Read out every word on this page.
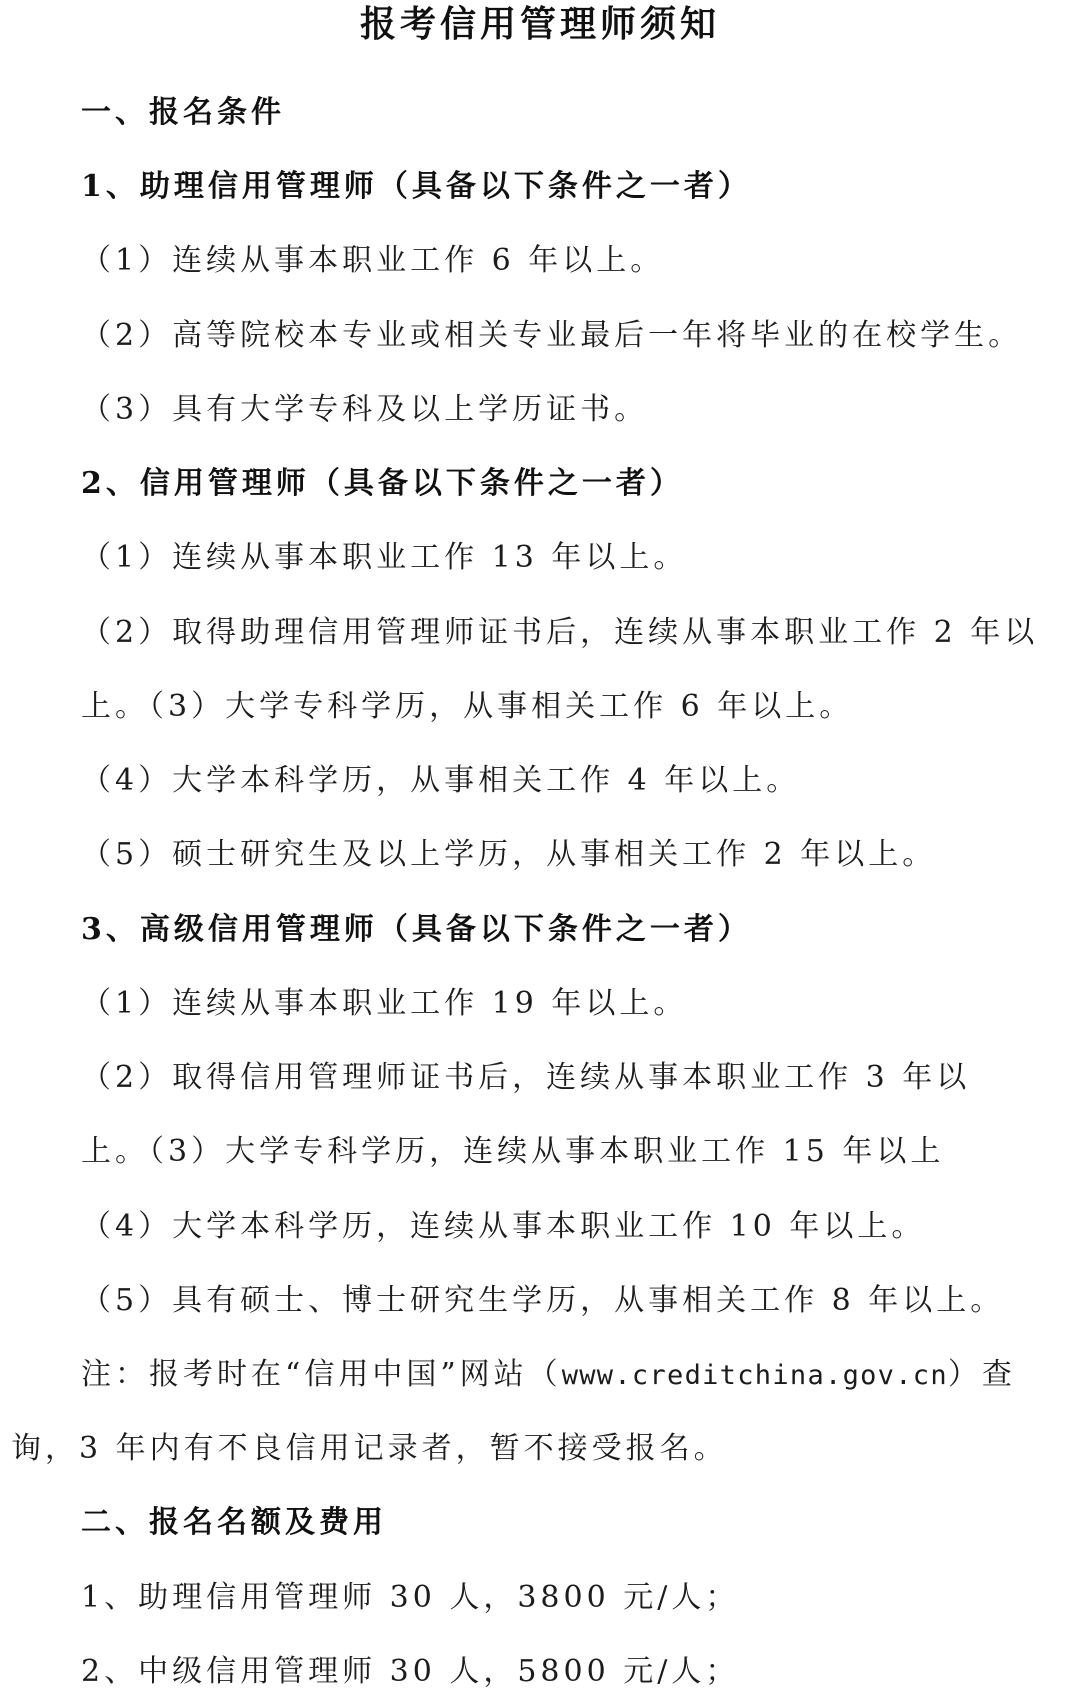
报考信用管理师须知
一、报名条件
1、助理信用管理师（具备以下条件之一者）
（1）连续从事本职业工作 6 年以上。
（2）高等院校本专业或相关专业最后一年将毕业的在校学生。
（3）具有大学专科及以上学历证书。
2、信用管理师（具备以下条件之一者）
（1）连续从事本职业工作 13 年以上。
（2）取得助理信用管理师证书后，连续从事本职业工作 2 年以
上。（3）大学专科学历，从事相关工作 6 年以上。
（4）大学本科学历，从事相关工作 4 年以上。
（5）硕士研究生及以上学历，从事相关工作 2 年以上。
3、高级信用管理师（具备以下条件之一者）
（1）连续从事本职业工作 19 年以上。
（2）取得信用管理师证书后，连续从事本职业工作 3 年以
上。（3）大学专科学历，连续从事本职业工作 15 年以上
（4）大学本科学历，连续从事本职业工作 10 年以上。
（5）具有硕士、博士研究生学历，从事相关工作 8 年以上。
注：报考时在“信用中国”网站（www.creditchina.gov.cn）查
询，3 年内有不良信用记录者，暂不接受报名。
二、报名名额及费用
1、助理信用管理师 30 人，3800 元/人；
2、中级信用管理师 30 人，5800 元/人；
